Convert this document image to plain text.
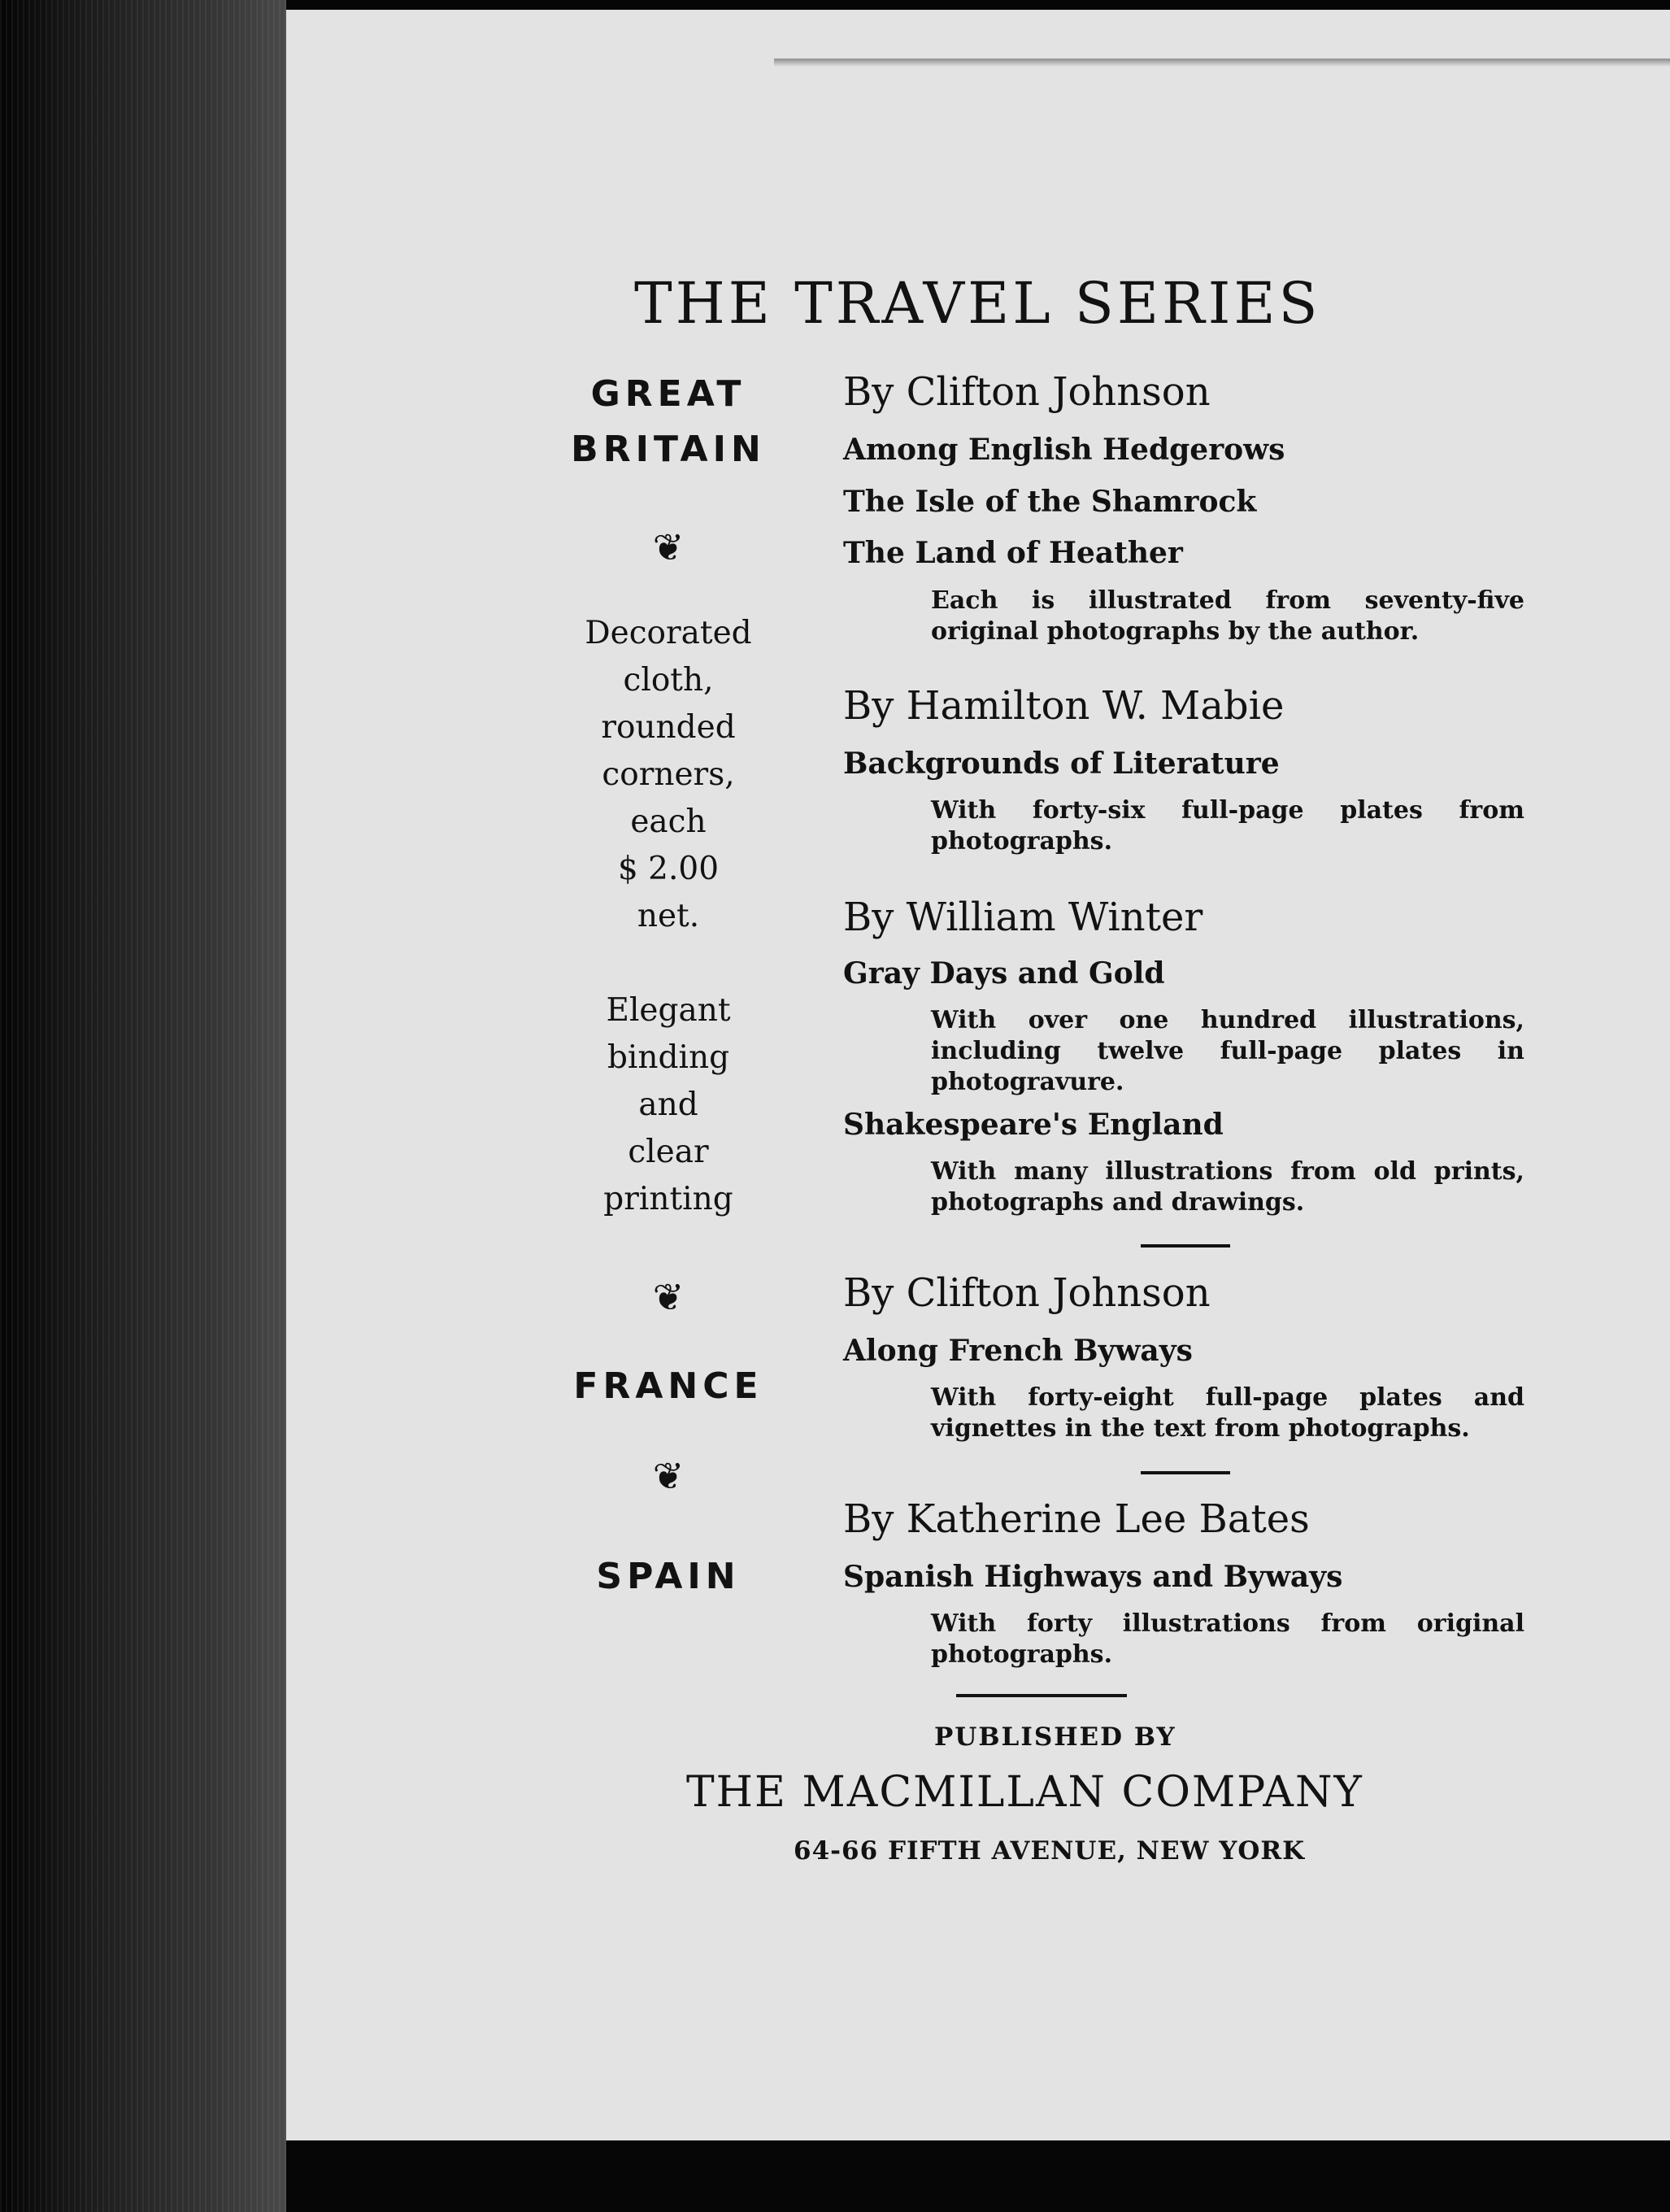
THE TRAVEL SERIES
GREAT
BRITAIN
❦
Decorated
cloth,
rounded
corners,
each
$ 2.00
net.
Elegant
binding
and
clear
printing
❦
FRANCE
❦
SPAIN
By Clifton Johnson
Among English Hedgerows
The Isle of the Shamrock
The Land of Heather
Each is illustrated from seventy-five original photographs by the author.
By Hamilton W. Mabie
Backgrounds of Literature
With forty-six full-page plates from photographs.
By William Winter
Gray Days and Gold
With over one hundred illustrations, including twelve full-page plates in photogravure.
Shakespeare's England
With many illustrations from old prints, photographs and drawings.
By Clifton Johnson
Along French Byways
With forty-eight full-page plates and vignettes in the text from photographs.
By Katherine Lee Bates
Spanish Highways and Byways
With forty illustrations from original photographs.
PUBLISHED BY
THE MACMILLAN COMPANY
64-66 FIFTH AVENUE, NEW YORK
